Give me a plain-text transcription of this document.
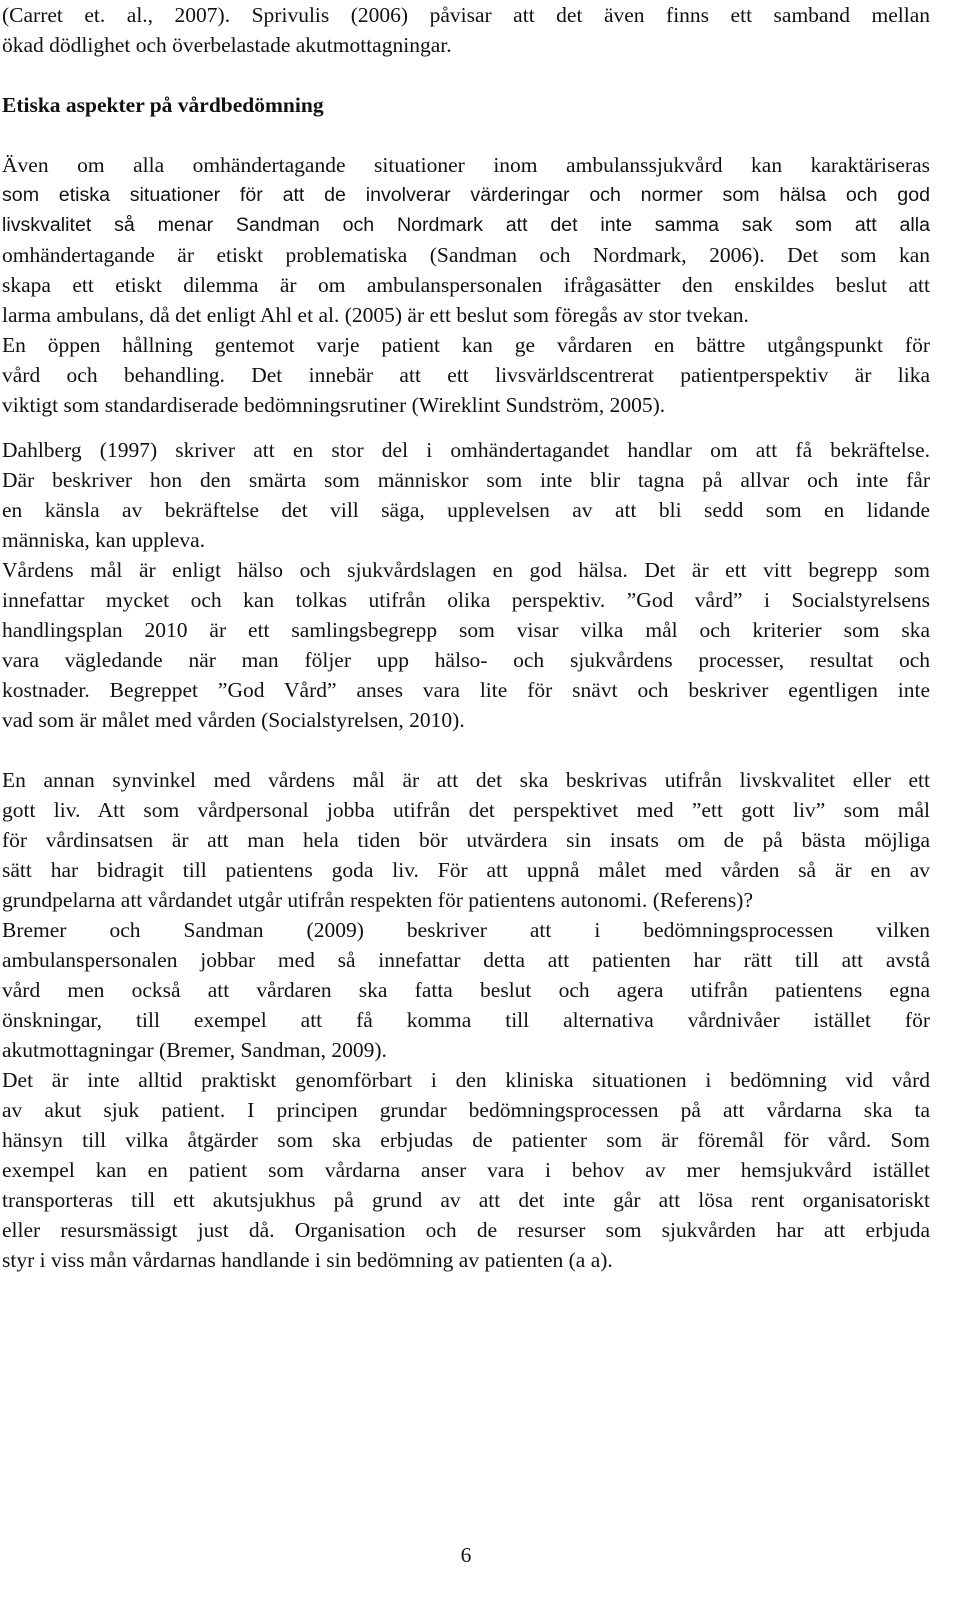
(Carret et. al., 2007). Sprivulis (2006) påvisar att det även finns ett samband mellan
ökad dödlighet och överbelastade akutmottagningar.
Etiska aspekter på vårdbedömning
Även om alla omhändertagande situationer inom ambulanssjukvård kan karaktäriseras
som etiska situationer för att de involverar värderingar och normer som hälsa och god
livskvalitet så menar Sandman och Nordmark att det inte samma sak som att alla
omhändertagande är etiskt problematiska (Sandman och Nordmark, 2006). Det som kan
skapa ett etiskt dilemma är om ambulanspersonalen ifrågasätter den enskildes beslut att
larma ambulans, då det enligt Ahl et al. (2005) är ett beslut som föregås av stor tvekan.
En öppen hållning gentemot varje patient kan ge vårdaren en bättre utgångspunkt för
vård och behandling. Det innebär att ett livsvärldscentrerat patientperspektiv är lika
viktigt som standardiserade bedömningsrutiner (Wireklint Sundström, 2005).
Dahlberg (1997) skriver att en stor del i omhändertagandet handlar om att få bekräftelse.
Där beskriver hon den smärta som människor som inte blir tagna på allvar och inte får
en känsla av bekräftelse det vill säga, upplevelsen av att bli sedd som en lidande
människa, kan uppleva.
Vårdens mål är enligt hälso och sjukvårdslagen en god hälsa. Det är ett vitt begrepp som
innefattar mycket och kan tolkas utifrån olika perspektiv. ”God vård” i Socialstyrelsens
handlingsplan 2010 är ett samlingsbegrepp som visar vilka mål och kriterier som ska
vara vägledande när man följer upp hälso- och sjukvårdens processer, resultat och
kostnader. Begreppet ”God Vård” anses vara lite för snävt och beskriver egentligen inte
vad som är målet med vården (Socialstyrelsen, 2010).
En annan synvinkel med vårdens mål är att det ska beskrivas utifrån livskvalitet eller ett
gott liv. Att som vårdpersonal jobba utifrån det perspektivet med ”ett gott liv” som mål
för vårdinsatsen är att man hela tiden bör utvärdera sin insats om de på bästa möjliga
sätt har bidragit till patientens goda liv. För att uppnå målet med vården så är en av
grundpelarna att vårdandet utgår utifrån respekten för patientens autonomi. (Referens)?
Bremer och Sandman (2009) beskriver att i bedömningsprocessen vilken
ambulanspersonalen jobbar med så innefattar detta att patienten har rätt till att avstå
vård men också att vårdaren ska fatta beslut och agera utifrån patientens egna
önskningar, till exempel att få komma till alternativa vårdnivåer istället för
akutmottagningar (Bremer, Sandman, 2009).
Det är inte alltid praktiskt genomförbart i den kliniska situationen i bedömning vid vård
av akut sjuk patient. I principen grundar bedömningsprocessen på att vårdarna ska ta
hänsyn till vilka åtgärder som ska erbjudas de patienter som är föremål för vård. Som
exempel kan en patient som vårdarna anser vara i behov av mer hemsjukvård istället
transporteras till ett akutsjukhus på grund av att det inte går att lösa rent organisatoriskt
eller resursmässigt just då. Organisation och de resurser som sjukvården har att erbjuda
styr i viss mån vårdarnas handlande i sin bedömning av patienten (a a).
6
